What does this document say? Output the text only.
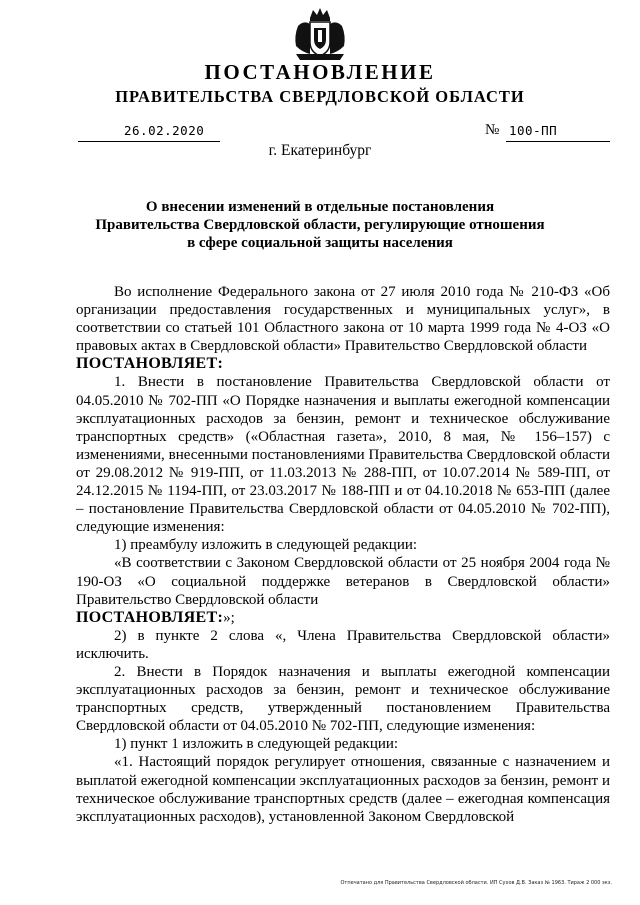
ПОСТАНОВЛЕНИЕ
ПРАВИТЕЛЬСТВА СВЕРДЛОВСКОЙ ОБЛАСТИ
26.02.2020	№ 100-ПП
г. Екатеринбург
О внесении изменений в отдельные постановления
Правительства Свердловской области, регулирующие отношения
в сфере социальной защиты населения

Во исполнение Федерального закона от 27 июля 2010 года № 210-ФЗ «Об организации предоставления государственных и муниципальных услуг», в соответствии со статьей 101 Областного закона от 10 марта 1999 года № 4-ОЗ «О правовых актах в Свердловской области» Правительство Свердловской области

ПОСТАНОВЛЯЕТ:

1. Внести в постановление Правительства Свердловской области от 04.05.2010 № 702-ПП «О Порядке назначения и выплаты ежегодной компенсации эксплуатационных расходов за бензин, ремонт и техническое обслуживание транспортных средств» («Областная газета», 2010, 8 мая, № 156–157) с изменениями, внесенными постановлениями Правительства Свердловской области от 29.08.2012 № 919-ПП, от 11.03.2013 № 288-ПП, от 10.07.2014 № 589-ПП, от 24.12.2015 № 1194-ПП, от 23.03.2017 № 188-ПП и от 04.10.2018 № 653-ПП (далее – постановление Правительства Свердловской области от 04.05.2010 № 702-ПП), следующие изменения:

1) преамбулу изложить в следующей редакции:

«В соответствии с Законом Свердловской области от 25 ноября 2004 года № 190-ОЗ «О социальной поддержке ветеранов в Свердловской области» Правительство Свердловской области

ПОСТАНОВЛЯЕТ:»;

2) в пункте 2 слова «, Члена Правительства Свердловской области» исключить.

2. Внести в Порядок назначения и выплаты ежегодной компенсации эксплуатационных расходов за бензин, ремонт и техническое обслуживание транспортных средств, утвержденный постановлением Правительства Свердловской области от 04.05.2010 № 702-ПП, следующие изменения:

1) пункт 1 изложить в следующей редакции:

«1. Настоящий порядок регулирует отношения, связанные с назначением и выплатой ежегодной компенсации эксплуатационных расходов за бензин, ремонт и техническое обслуживание транспортных средств (далее – ежегодная компенсация эксплуатационных расходов), установленной Законом Свердловской

Отпечатано для Правительства Свердловской области. ИП Сухов Д.В. Заказ № 1963. Тираж 2 000 экз.
